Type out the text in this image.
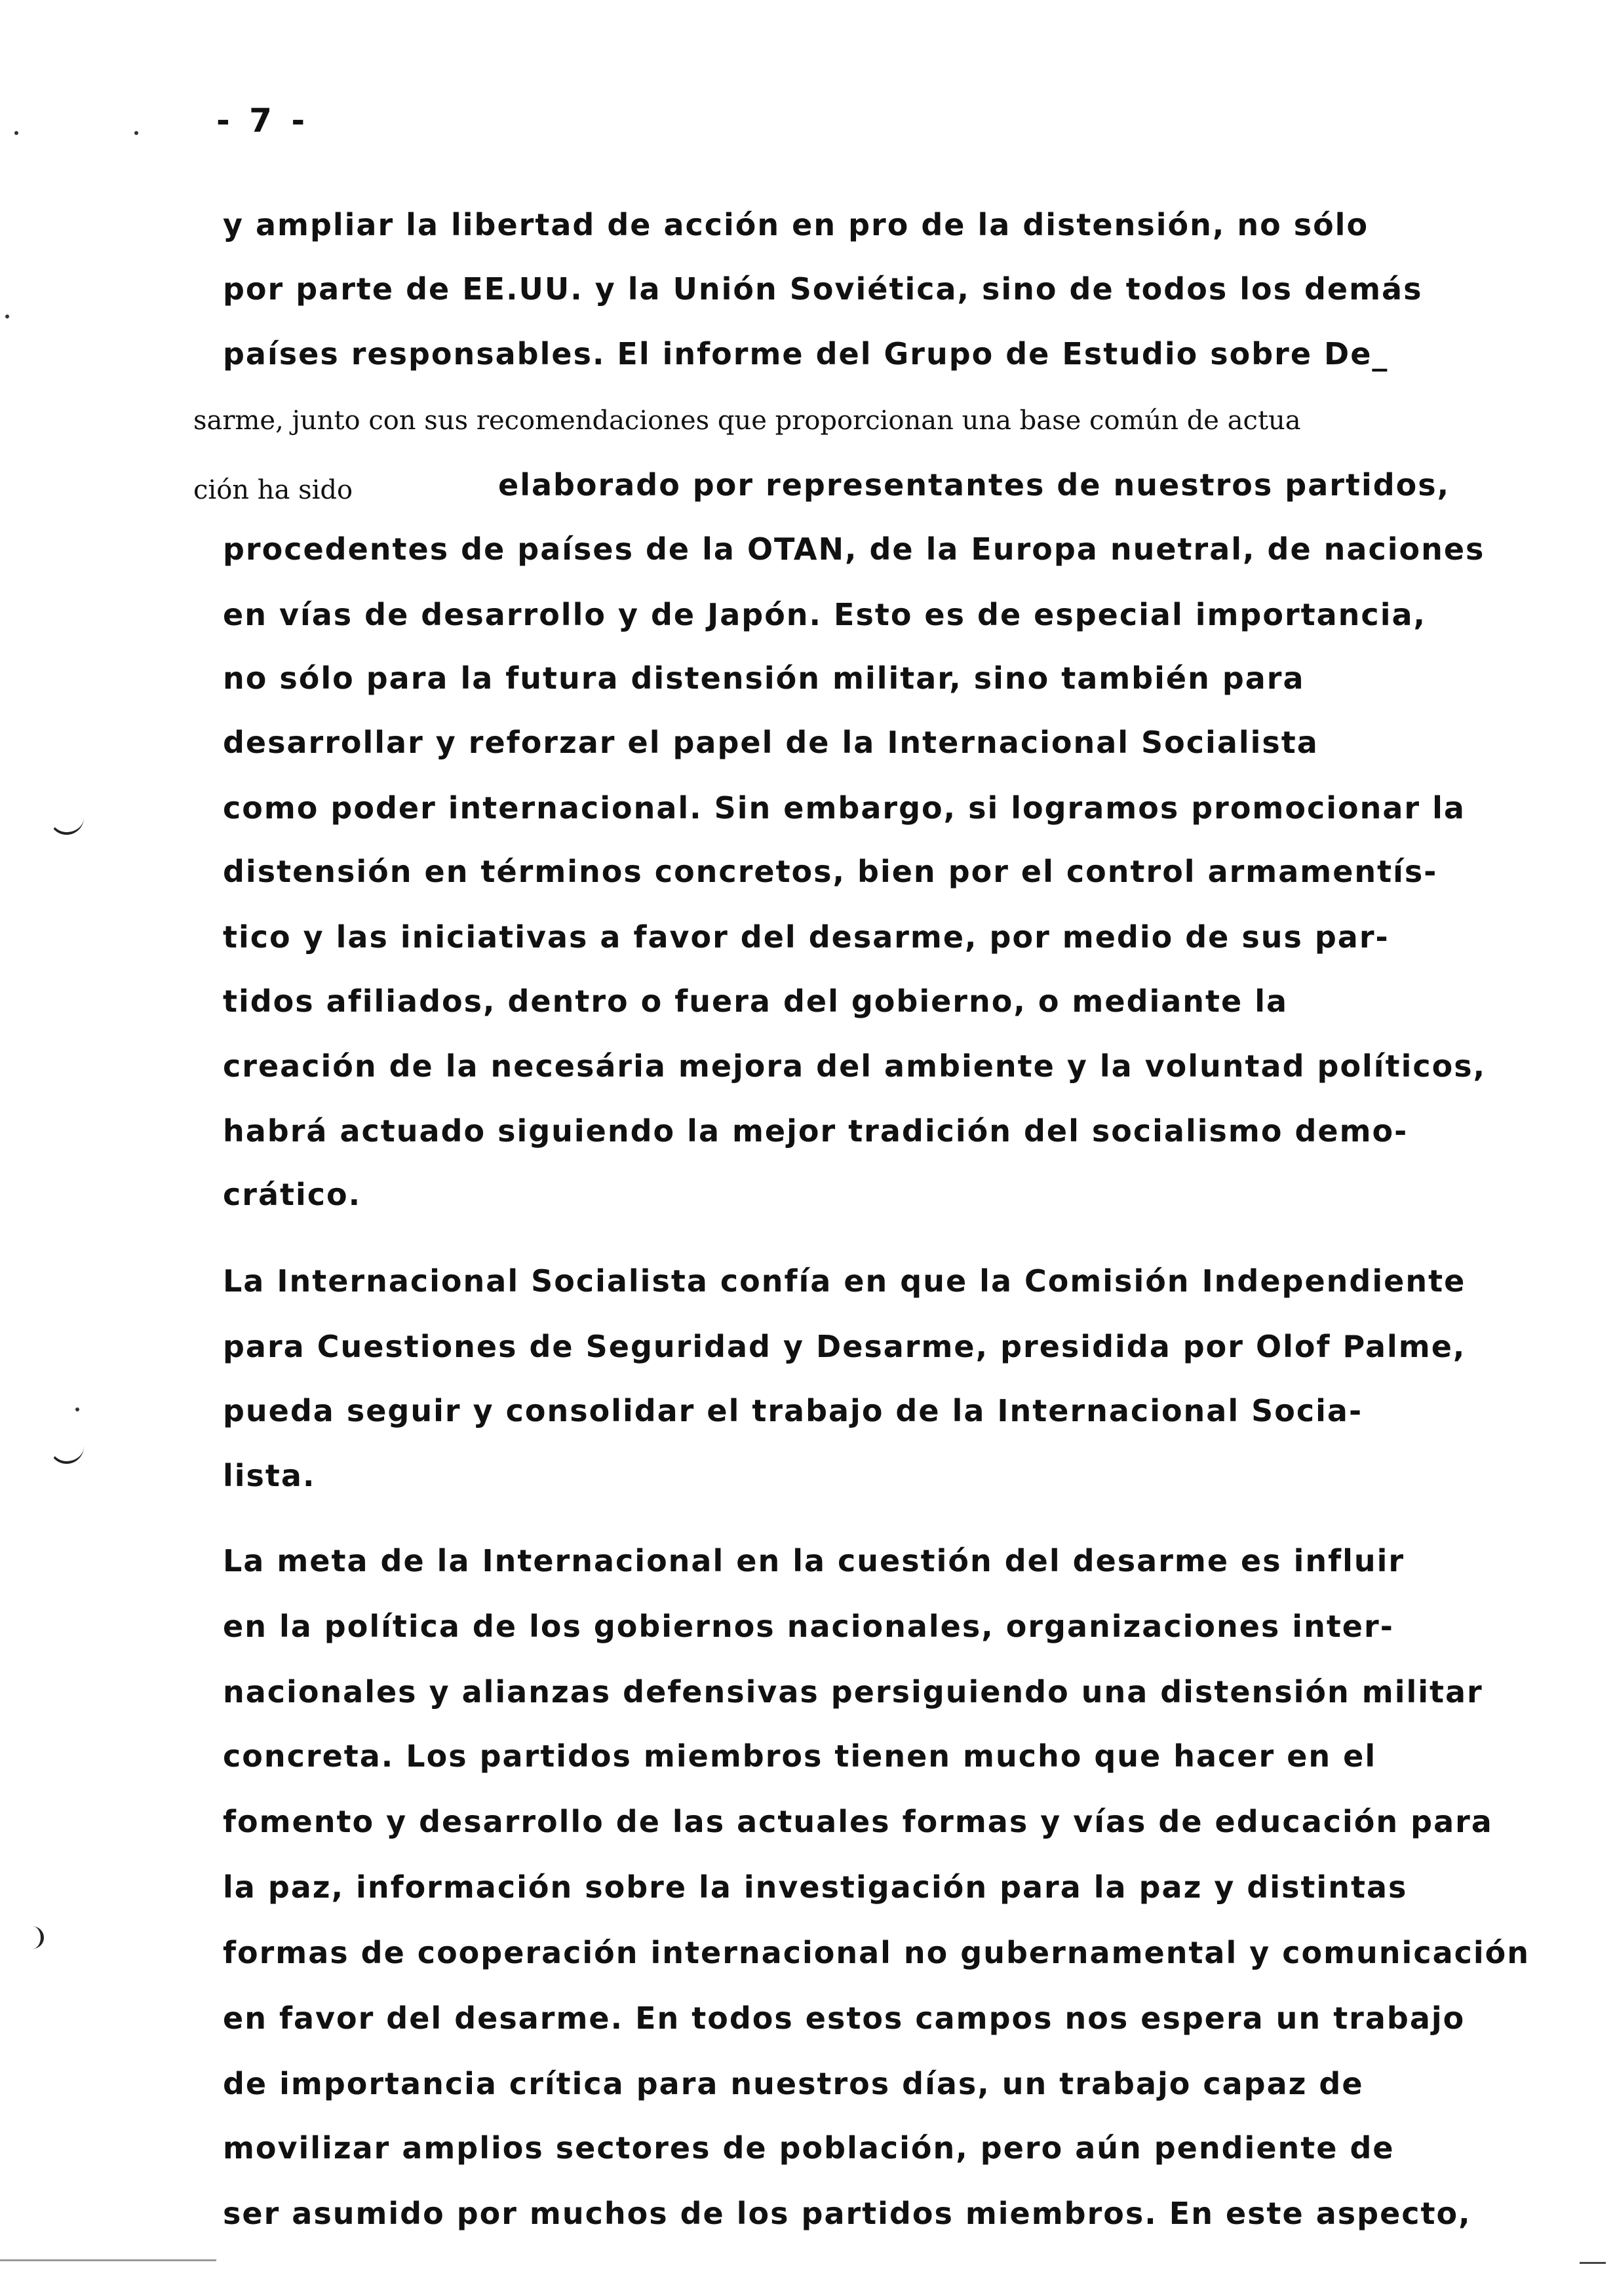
- 7 -
y ampliar la libertad de acción en pro de la distensión, no sólo
por parte de EE.UU. y la Unión Soviética, sino de todos los demás
países responsables. El informe del Grupo de Estudio sobre De_
sarme, junto con sus recomendaciones que proporcionan una base común de actua
ción ha sido	elaborado por representantes de nuestros partidos,
procedentes de países de la OTAN, de la Europa nuetral, de naciones
en vías de desarrollo y de Japón. Esto es de especial importancia,
no sólo para la futura distensión militar, sino también para
desarrollar y reforzar el papel de la Internacional Socialista
como poder internacional. Sin embargo, si logramos promocionar la
distensión en términos concretos, bien por el control armamentís-
tico y las iniciativas a favor del desarme, por medio de sus par-
tidos afiliados, dentro o fuera del gobierno, o mediante la
creación de la necesária mejora del ambiente y la voluntad políticos,
habrá actuado siguiendo la mejor tradición del socialismo demo-
crático.
La Internacional Socialista confía en que la Comisión Independiente
para Cuestiones de Seguridad y Desarme, presidida por Olof Palme,
pueda seguir y consolidar el trabajo de la Internacional Socia-
lista.
La meta de la Internacional en la cuestión del desarme es influir
en la política de los gobiernos nacionales, organizaciones inter-
nacionales y alianzas defensivas persiguiendo una distensión militar
concreta. Los partidos miembros tienen mucho que hacer en el
fomento y desarrollo de las actuales formas y vías de educación para
la paz, información sobre la investigación para la paz y distintas
formas de cooperación internacional no gubernamental y comunicación
en favor del desarme. En todos estos campos nos espera un trabajo
de importancia crítica para nuestros días, un trabajo capaz de
movilizar amplios sectores de población, pero aún pendiente de
ser asumido por muchos de los partidos miembros. En este aspecto,
